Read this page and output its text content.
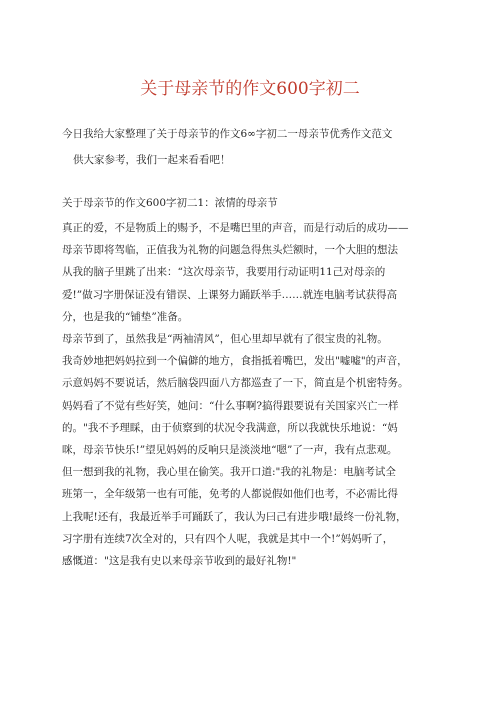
关于母亲节的作文600字初二
今日我给大家整理了关于母亲节的作文6∞字初二一母亲节优秀作文范文
供大家参考，我们一起来看看吧！
关于母亲节的作文600字初二1：浓情的母亲节
真正的爱，不是物质上的赐予，不是嘴巴里的声音，而是行动后的成功——
母亲节即将驾临，正值我为礼物的问题急得焦头烂额时，一个大胆的想法
从我的脑子里跳了出来：“这次母亲节，我要用行动证明11己对母亲的
爱!”做习字册保证没有错误、上课努力踊跃举手……就连电脑考试获得高
分，也是我的“铺垫”准备。
母亲节到了，虽然我是“两袖清风”，但心里却早就有了很宝贵的礼物。
我奇妙地把妈妈拉到一个偏僻的地方，食指抵着嘴巴，发出"嘘嘘"的声音，
示意妈妈不要说话，然后脑袋四面八方都巡查了一下，简直是个机密特务。
妈妈看了不觉有些好笑，她问：“什么事啊?搞得跟要说有关国家兴亡一样
的。"我不予理睬，由于侦察到的状况令我满意，所以我就快乐地说：“妈
咪，母亲节快乐!”望见妈妈的反响只是淡淡地“嗯”了一声，我有点悲观。
但一想到我的礼物，我心里在偷笑。我开口道:"我的礼物是：电脑考试全
班第一，全年级第一也有可能，免考的人都说假如他们也考，不必需比得
上我呢!还有，我最近举手可踊跃了，我认为曰己有进步哦!最终一份礼物，
习字册有连续7次全对的，只有四个人呢，我就是其中一个!”妈妈听了，
感慨道："这是我有史以来母亲节收到的最好礼物!"
